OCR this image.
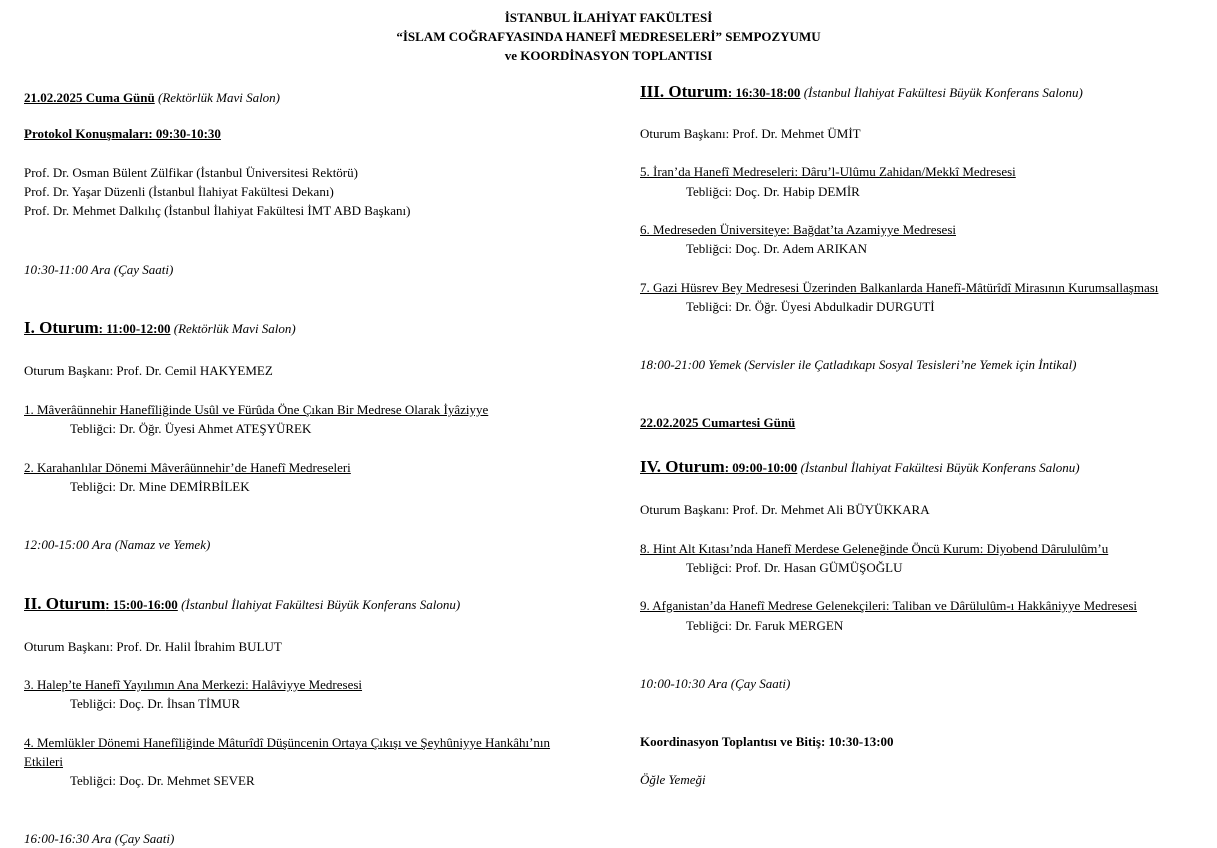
İSTANBUL İLAHİYAT FAKÜLTESİ
“İSLAM COĞRAFYASINDA HANEFÎ MEDRESELERİ” SEMPOZYUMU
ve KOORDİNASYON TOPLANTISI
21.02.2025 Cuma Günü (Rektörlük Mavi Salon)
Protokol Konuşmaları: 09:30-10:30
Prof. Dr. Osman Bülent Zülfikar (İstanbul Üniversitesi Rektörü)
Prof. Dr. Yaşar Düzenli (İstanbul İlahiyat Fakültesi Dekanı)
Prof. Dr. Mehmet Dalkılıç (İstanbul İlahiyat Fakültesi İMT ABD Başkanı)
10:30-11:00 Ara (Çay Saati)
I. Oturum: 11:00-12:00 (Rektörlük Mavi Salon)
Oturum Başkanı: Prof. Dr. Cemil HAKYEMEZ
1. Mâverâünnehir Hanefîliğinde Usûl ve Fürûda Öne Çıkan Bir Medrese Olarak İyâziyye
Tebliğci: Dr. Öğr. Üyesi Ahmet ATEŞYÜREK
2. Karahanlılar Dönemi Mâverâünnehir’de Hanefî Medreseleri
Tebliğci: Dr. Mine DEMİRBİLEK
12:00-15:00 Ara (Namaz ve Yemek)
II. Oturum: 15:00-16:00 (İstanbul İlahiyat Fakültesi Büyük Konferans Salonu)
Oturum Başkanı: Prof. Dr. Halil İbrahim BULUT
3. Halep’te Hanefî Yayılımın Ana Merkezi: Halâviyye Medresesi
Tebliğci: Doç. Dr. İhsan TİMUR
4. Memlükler Dönemi Hanefîliğinde Mâturîdî Düşüncenin Ortaya Çıkışı ve Şeyhûniyye Hankâhı’nın
Etkileri
Tebliğci: Doç. Dr. Mehmet SEVER
16:00-16:30 Ara (Çay Saati)
III. Oturum: 16:30-18:00 (İstanbul İlahiyat Fakültesi Büyük Konferans Salonu)
Oturum Başkanı: Prof. Dr. Mehmet ÜMİT
5. İran’da Hanefî Medreseleri: Dâru’l-Ulûmu Zahidan/Mekkî Medresesi
Tebliğci: Doç. Dr. Habip DEMİR
6. Medreseden Üniversiteye: Bağdat’ta Azamiyye Medresesi
Tebliğci: Doç. Dr. Adem ARIKAN
7. Gazi Hüsrev Bey Medresesi Üzerinden Balkanlarda Hanefî-Mâtürîdî Mirasının Kurumsallaşması
Tebliğci: Dr. Öğr. Üyesi Abdulkadir DURGUTİ
18:00-21:00 Yemek (Servisler ile Çatladıkapı Sosyal Tesisleri’ne Yemek için İntikal)
22.02.2025 Cumartesi Günü
IV. Oturum: 09:00-10:00 (İstanbul İlahiyat Fakültesi Büyük Konferans Salonu)
Oturum Başkanı: Prof. Dr. Mehmet Ali BÜYÜKKARA
8. Hint Alt Kıtası’nda Hanefî Merdese Geleneğinde Öncü Kurum: Diyobend Dârululûm’u
Tebliğci: Prof. Dr. Hasan GÜMÜŞOĞLU
9. Afganistan’da Hanefî Medrese Gelenekçileri: Taliban ve Dârülulûm-ı Hakkâniyye Medresesi
Tebliğci: Dr. Faruk MERGEN
10:00-10:30 Ara (Çay Saati)
Koordinasyon Toplantısı ve Bitiş: 10:30-13:00
Öğle Yemeği
